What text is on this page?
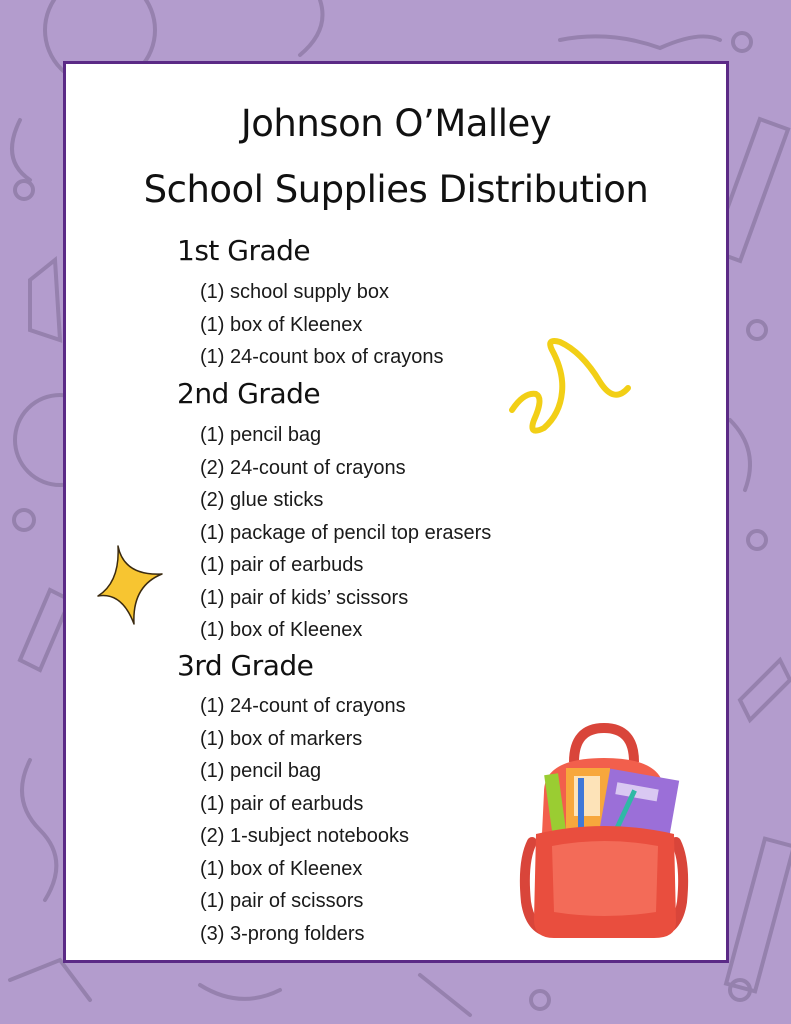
Johnson O’Malley
School Supplies Distribution
1st Grade
(1) school supply box
(1) box of Kleenex
(1) 24-count box of crayons
2nd Grade
(1) pencil bag
(2) 24-count of crayons
(2) glue sticks
(1) package of pencil top erasers
(1) pair of earbuds
(1) pair of kids’ scissors
(1) box of Kleenex
3rd Grade
(1) 24-count of crayons
(1) box of markers
(1) pencil bag
(1) pair of earbuds
(2) 1-subject notebooks
(1) box of Kleenex
(1) pair of scissors
(3) 3-prong folders
